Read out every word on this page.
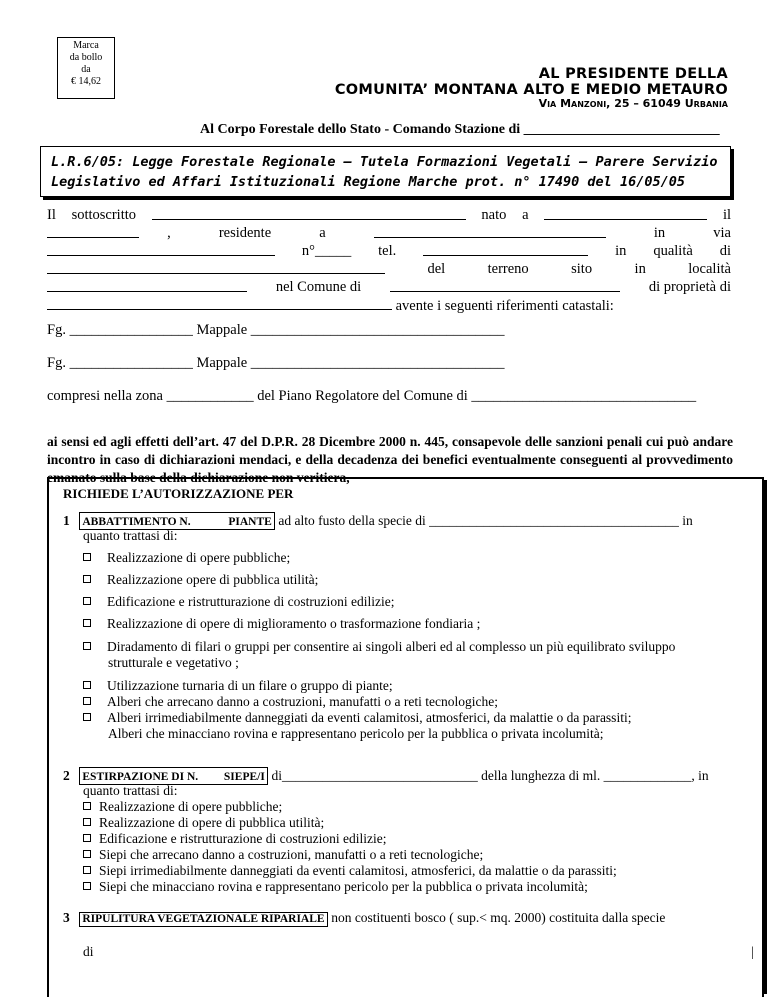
Marca
da bollo
da
€ 14,62	AL PRESIDENTE DELLA
COMUNITA’ MONTANA ALTO E MEDIO METAURO
Via Manzoni, 25 – 61049 Urbania
Al Corpo Forestale dello Stato - Comando Stazione di ____________________________
L.R.6/05: Legge Forestale Regionale – Tutela Formazioni Vegetali – Parere Servizio
Legislativo ed Affari Istituzionali Regione Marche prot. n° 17490 del 16/05/05
Il sottoscritto	nato a	il
,	residente	a	in	via
n°_____ tel.	in qualità di
del	terreno	sito	in	località
nel Comune di	di proprietà di
avente i seguenti riferimenti catastali:
Fg. _________________ Mappale ___________________________________
Fg. _________________ Mappale ___________________________________
compresi nella zona ____________ del Piano Regolatore del Comune di _______________________________
ai sensi ed agli effetti dell’art. 47 del D.P.R. 28 Dicembre 2000 n. 445, consapevole delle sanzioni penali cui può andare incontro in caso di dichiarazioni mendaci, e della decadenza dei benefici eventualmente conseguenti al provvedimento emanato sulla base della dichiarazione non veritiera,
RICHIEDE L’AUTORIZZAZIONE PER
1 ABBATTIMENTO N.	PIANTE ad alto fusto della specie di _____________________________________ in
quanto trattasi di:
Realizzazione di opere pubbliche;
Realizzazione opere di pubblica utilità;
Edificazione e ristrutturazione di costruzioni edilizie;
Realizzazione di opere di miglioramento o trasformazione fondiaria ;
Diradamento di filari o gruppi per consentire ai singoli alberi ed al complesso un più equilibrato sviluppo
strutturale e vegetativo ;
Utilizzazione turnaria di un filare o gruppo di piante;
Alberi che arrecano danno a costruzioni, manufatti o a reti tecnologiche;
Alberi irrimediabilmente danneggiati da eventi calamitosi, atmosferici, da malattie o da parassiti;
Alberi che minacciano rovina e rappresentano pericolo per la pubblica o privata incolumità;
2 ESTIRPAZIONE DI N. SIEPE/I di_____________________________ della lunghezza di ml. _____________, in
quanto trattasi di:
Realizzazione di opere pubbliche;
Realizzazione di opere di pubblica utilità;
Edificazione e ristrutturazione di costruzioni edilizie;
Siepi che arrecano danno a costruzioni, manufatti o a reti tecnologiche;
Siepi irrimediabilmente danneggiati da eventi calamitosi, atmosferici, da malattie o da parassiti;
Siepi che minacciano rovina e rappresentano pericolo per la pubblica o privata incolumità;
3 RIPULITURA VEGETAZIONALE RIPARIALE non costituenti bosco ( sup.< mq. 2000) costituita dalla specie
di	|
